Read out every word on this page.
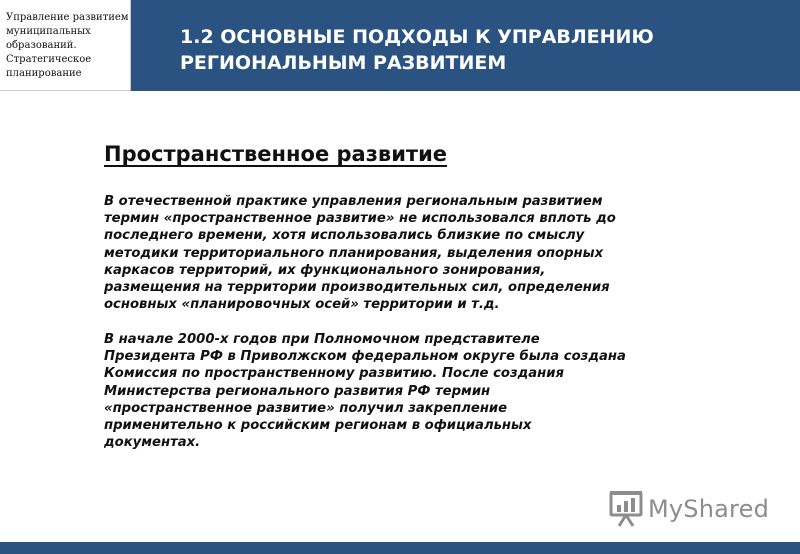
Управление развитием
муниципальных
образований.
Стратегическое
планирование

1.2 ОСНОВНЫЕ ПОДХОДЫ К УПРАВЛЕНИЮ
РЕГИОНАЛЬНЫМ РАЗВИТИЕМ
Пространственное развитие

В отечественной практике управления региональным развитием
термин «пространственное развитие» не использовался вплоть до
последнего времени, хотя использовались близкие по смыслу
методики территориального планирования, выделения опорных
каркасов территорий, их функционального зонирования,
размещения на территории производительных сил, определения
основных «планировочных осей» территории и т.д.

В начале 2000-х годов при Полномочном представителе
Президента РФ в Приволжском федеральном округе была создана
Комиссия по пространственному развитию. После создания
Министерства регионального развития РФ термин
«пространственное развитие» получил закрепление
применительно к российским регионам в официальных
документах.

MyShared
